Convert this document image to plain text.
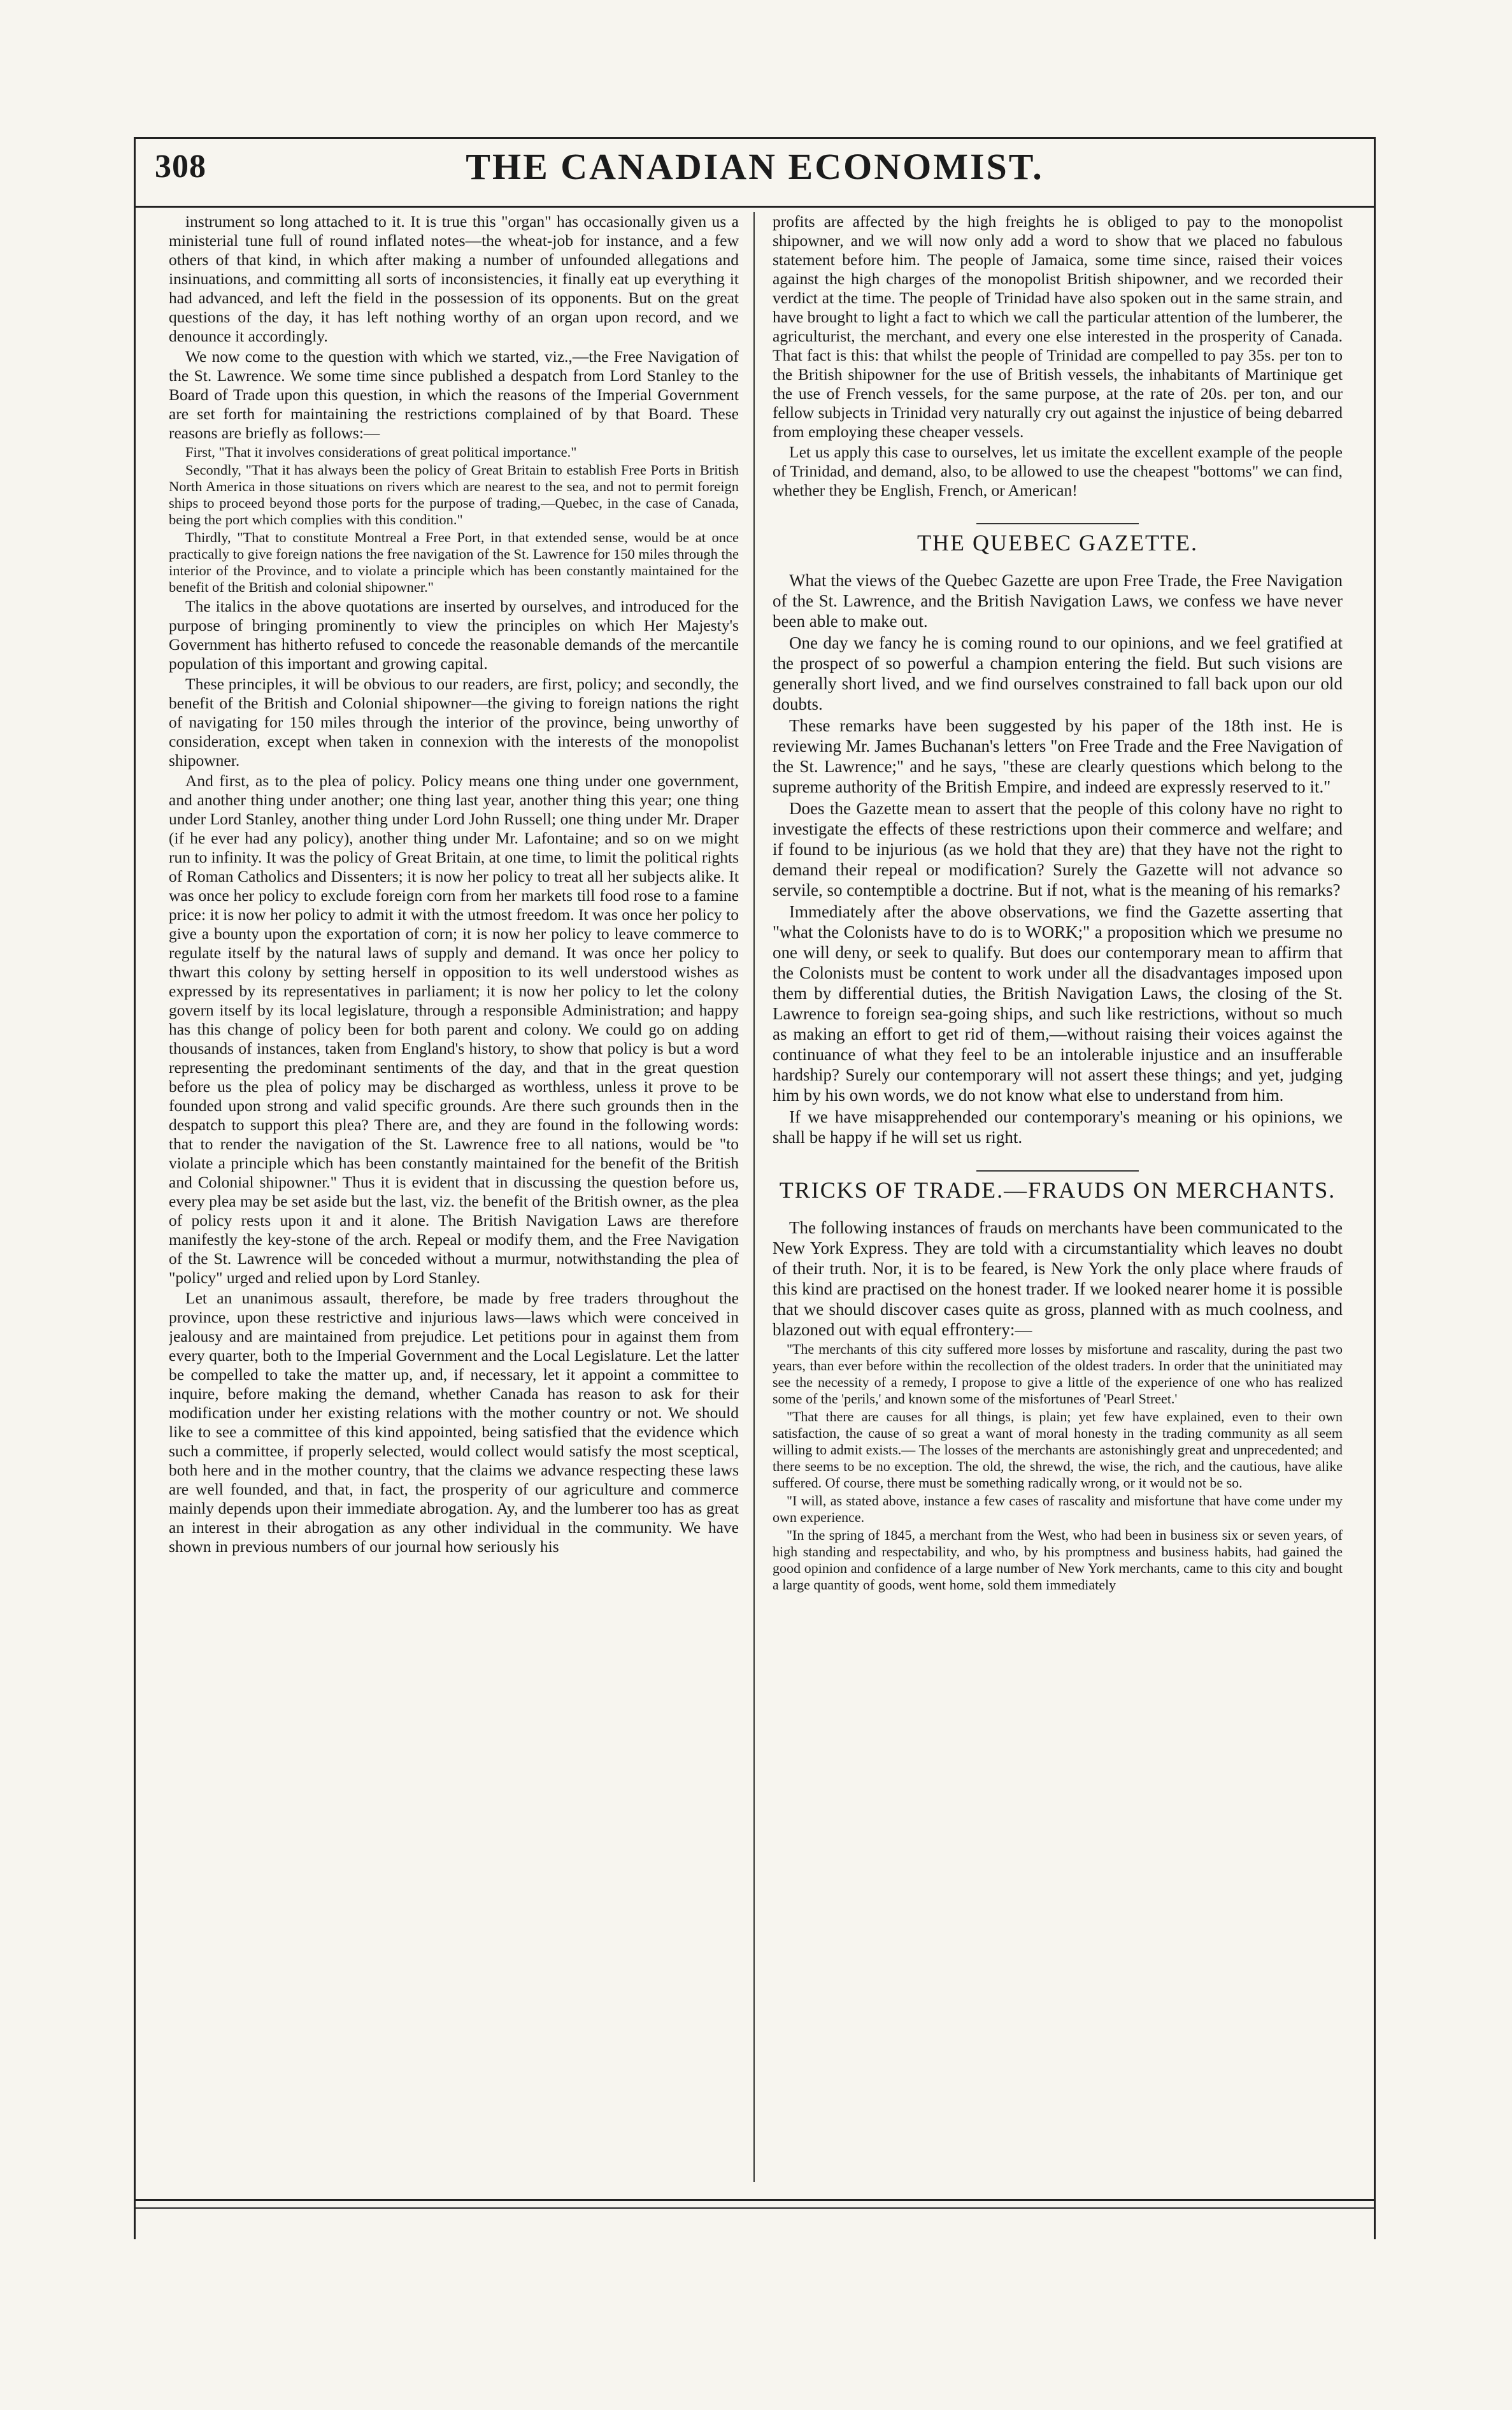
308	THE CANADIAN ECONOMIST.

instrument so long attached to it. It is true this "organ" has occasionally given us a ministerial tune full of round inflated notes—the wheat-job for instance, and a few others of that kind, in which after making a number of unfounded allegations and insinuations, and committing all sorts of inconsistencies, it finally eat up everything it had advanced, and left the field in the possession of its opponents. But on the great questions of the day, it has left nothing worthy of an organ upon record, and we denounce it accordingly.

We now come to the question with which we started, viz.,—the Free Navigation of the St. Lawrence. We some time since published a despatch from Lord Stanley to the Board of Trade upon this question, in which the reasons of the Imperial Government are set forth for maintaining the restrictions complained of by that Board. These reasons are briefly as follows:—

First, "That it involves considerations of great political importance."

Secondly, "That it has always been the policy of Great Britain to establish Free Ports in British North America in those situations on rivers which are nearest to the sea, and not to permit foreign ships to proceed beyond those ports for the purpose of trading,—Quebec, in the case of Canada, being the port which complies with this condition."

Thirdly, "That to constitute Montreal a Free Port, in that extended sense, would be at once practically to give foreign nations the free navigation of the St. Lawrence for 150 miles through the interior of the Province, and to violate a principle which has been constantly maintained for the benefit of the British and colonial shipowner."

The italics in the above quotations are inserted by ourselves, and introduced for the purpose of bringing prominently to view the principles on which Her Majesty's Government has hitherto refused to concede the reasonable demands of the mercantile population of this important and growing capital.

These principles, it will be obvious to our readers, are first, policy; and secondly, the benefit of the British and Colonial shipowner—the giving to foreign nations the right of navigating for 150 miles through the interior of the province, being unworthy of consideration, except when taken in connexion with the interests of the monopolist shipowner.

And first, as to the plea of policy. Policy means one thing under one government, and another thing under another; one thing last year, another thing this year; one thing under Lord Stanley, another thing under Lord John Russell; one thing under Mr. Draper (if he ever had any policy), another thing under Mr. Lafontaine; and so on we might run to infinity. It was the policy of Great Britain, at one time, to limit the political rights of Roman Catholics and Dissenters; it is now her policy to treat all her subjects alike. It was once her policy to exclude foreign corn from her markets till food rose to a famine price: it is now her policy to admit it with the utmost freedom. It was once her policy to give a bounty upon the exportation of corn; it is now her policy to leave commerce to regulate itself by the natural laws of supply and demand. It was once her policy to thwart this colony by setting herself in opposition to its well understood wishes as expressed by its representatives in parliament; it is now her policy to let the colony govern itself by its local legislature, through a responsible Administration; and happy has this change of policy been for both parent and colony. We could go on adding thousands of instances, taken from England's history, to show that policy is but a word representing the predominant sentiments of the day, and that in the great question before us the plea of policy may be discharged as worthless, unless it prove to be founded upon strong and valid specific grounds. Are there such grounds then in the despatch to support this plea? There are, and they are found in the following words: that to render the navigation of the St. Lawrence free to all nations, would be "to violate a principle which has been constantly maintained for the benefit of the British and Colonial shipowner." Thus it is evident that in discussing the question before us, every plea may be set aside but the last, viz. the benefit of the British owner, as the plea of policy rests upon it and it alone. The British Navigation Laws are therefore manifestly the key-stone of the arch. Repeal or modify them, and the Free Navigation of the St. Lawrence will be conceded without a murmur, notwithstanding the plea of "policy" urged and relied upon by Lord Stanley.

Let an unanimous assault, therefore, be made by free traders throughout the province, upon these restrictive and injurious laws—laws which were conceived in jealousy and are maintained from prejudice. Let petitions pour in against them from every quarter, both to the Imperial Government and the Local Legislature. Let the latter be compelled to take the matter up, and, if necessary, let it appoint a committee to inquire, before making the demand, whether Canada has reason to ask for their modification under her existing relations with the mother country or not. We should like to see a committee of this kind appointed, being satisfied that the evidence which such a committee, if properly selected, would collect would satisfy the most sceptical, both here and in the mother country, that the claims we advance respecting these laws are well founded, and that, in fact, the prosperity of our agriculture and commerce mainly depends upon their immediate abrogation. Ay, and the lumberer too has as great an interest in their abrogation as any other individual in the community. We have shown in previous numbers of our journal how seriously his

profits are affected by the high freights he is obliged to pay to the monopolist shipowner, and we will now only add a word to show that we placed no fabulous statement before him. The people of Jamaica, some time since, raised their voices against the high charges of the monopolist British shipowner, and we recorded their verdict at the time. The people of Trinidad have also spoken out in the same strain, and have brought to light a fact to which we call the particular attention of the lumberer, the agriculturist, the merchant, and every one else interested in the prosperity of Canada. That fact is this: that whilst the people of Trinidad are compelled to pay 35s. per ton to the British shipowner for the use of British vessels, the inhabitants of Martinique get the use of French vessels, for the same purpose, at the rate of 20s. per ton, and our fellow subjects in Trinidad very naturally cry out against the injustice of being debarred from employing these cheaper vessels.

Let us apply this case to ourselves, let us imitate the excellent example of the people of Trinidad, and demand, also, to be allowed to use the cheapest "bottoms" we can find, whether they be English, French, or American!

THE QUEBEC GAZETTE.

What the views of the Quebec Gazette are upon Free Trade, the Free Navigation of the St. Lawrence, and the British Navigation Laws, we confess we have never been able to make out.

One day we fancy he is coming round to our opinions, and we feel gratified at the prospect of so powerful a champion entering the field. But such visions are generally short lived, and we find ourselves constrained to fall back upon our old doubts.

These remarks have been suggested by his paper of the 18th inst. He is reviewing Mr. James Buchanan's letters "on Free Trade and the Free Navigation of the St. Lawrence;" and he says, "these are clearly questions which belong to the supreme authority of the British Empire, and indeed are expressly reserved to it."

Does the Gazette mean to assert that the people of this colony have no right to investigate the effects of these restrictions upon their commerce and welfare; and if found to be injurious (as we hold that they are) that they have not the right to demand their repeal or modification? Surely the Gazette will not advance so servile, so contemptible a doctrine. But if not, what is the meaning of his remarks?

Immediately after the above observations, we find the Gazette asserting that "what the Colonists have to do is to WORK;" a proposition which we presume no one will deny, or seek to qualify. But does our contemporary mean to affirm that the Colonists must be content to work under all the disadvantages imposed upon them by differential duties, the British Navigation Laws, the closing of the St. Lawrence to foreign sea-going ships, and such like restrictions, without so much as making an effort to get rid of them,—without raising their voices against the continuance of what they feel to be an intolerable injustice and an insufferable hardship? Surely our contemporary will not assert these things; and yet, judging him by his own words, we do not know what else to understand from him.

If we have misapprehended our contemporary's meaning or his opinions, we shall be happy if he will set us right.

TRICKS OF TRADE.—FRAUDS ON MERCHANTS.

The following instances of frauds on merchants have been communicated to the New York Express. They are told with a circumstantiality which leaves no doubt of their truth. Nor, it is to be feared, is New York the only place where frauds of this kind are practised on the honest trader. If we looked nearer home it is possible that we should discover cases quite as gross, planned with as much coolness, and blazoned out with equal effrontery:—

"The merchants of this city suffered more losses by misfortune and rascality, during the past two years, than ever before within the recollection of the oldest traders. In order that the uninitiated may see the necessity of a remedy, I propose to give a little of the experience of one who has realized some of the 'perils,' and known some of the misfortunes of 'Pearl Street.'

"That there are causes for all things, is plain; yet few have explained, even to their own satisfaction, the cause of so great a want of moral honesty in the trading community as all seem willing to admit exists.— The losses of the merchants are astonishingly great and unprecedented; and there seems to be no exception. The old, the shrewd, the wise, the rich, and the cautious, have alike suffered. Of course, there must be something radically wrong, or it would not be so.

"I will, as stated above, instance a few cases of rascality and misfortune that have come under my own experience.

"In the spring of 1845, a merchant from the West, who had been in business six or seven years, of high standing and respectability, and who, by his promptness and business habits, had gained the good opinion and confidence of a large number of New York merchants, came to this city and bought a large quantity of goods, went home, sold them immediately
